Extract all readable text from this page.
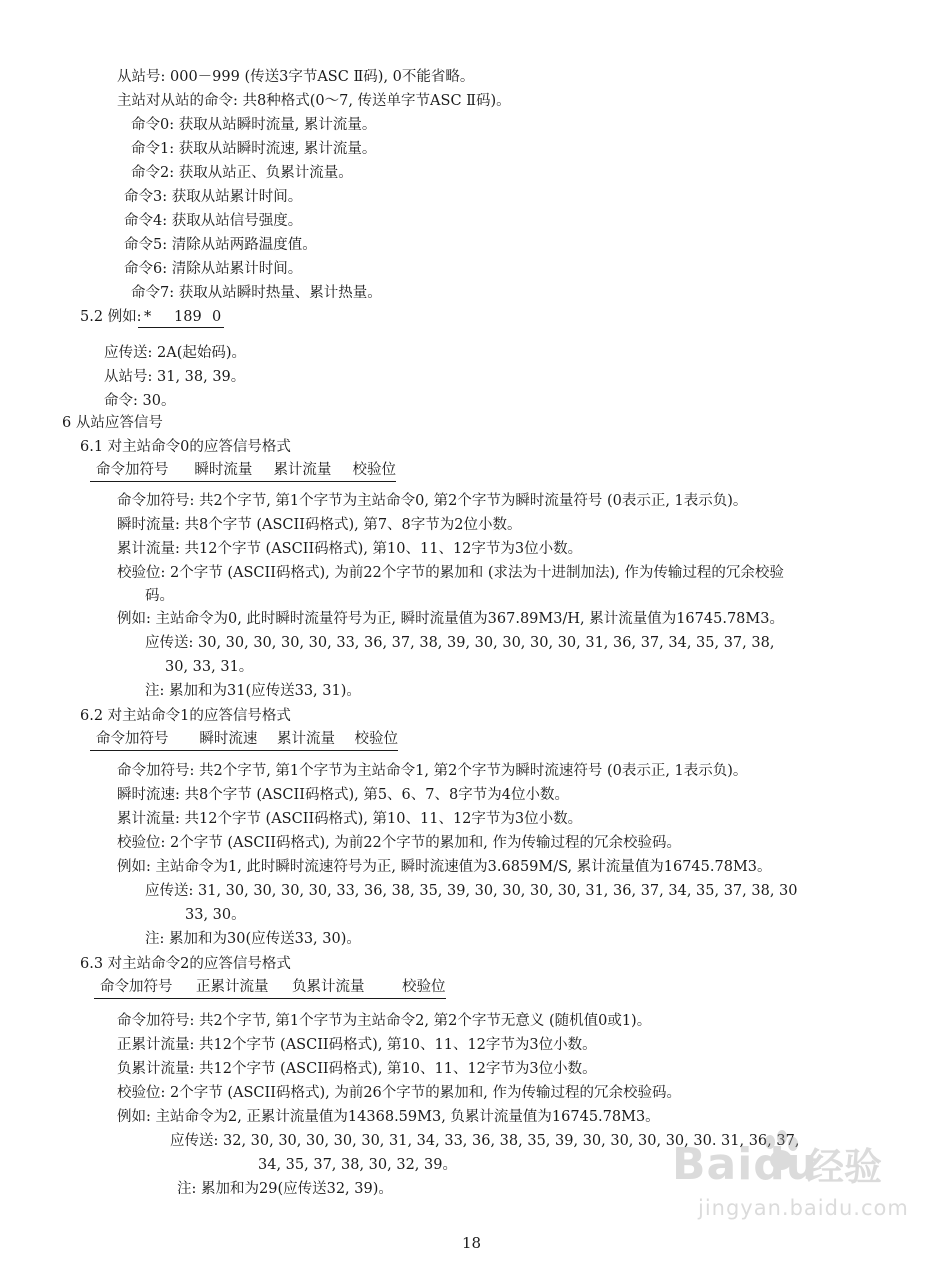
从站号: 000－999 (传送3字节ASC Ⅱ码), 0不能省略。
主站对从站的命令: 共8种格式(0～7, 传送单字节ASC Ⅱ码)。
命令0: 获取从站瞬时流量, 累计流量。
命令1: 获取从站瞬时流速, 累计流量。
命令2: 获取从站正、负累计流量。
命令3: 获取从站累计时间。
命令4: 获取从站信号强度。
命令5: 清除从站两路温度值。
命令6: 清除从站累计时间。
命令7: 获取从站瞬时热量、累计热量。
5.2 例如: * 189 0
应传送: 2A(起始码)。
从站号: 31, 38, 39。
命令: 30。
6 从站应答信号
6.1 对主站命令0的应答信号格式
命令加符号	瞬时流量	累计流量	校验位
命令加符号: 共2个字节, 第1个字节为主站命令0, 第2个字节为瞬时流量符号 (0表示正, 1表示负)。
瞬时流量: 共8个字节 (ASCII码格式), 第7、8字节为2位小数。
累计流量: 共12个字节 (ASCII码格式), 第10、11、12字节为3位小数。
校验位: 2个字节 (ASCII码格式), 为前22个字节的累加和 (求法为十进制加法), 作为传输过程的冗余校验
码。
例如: 主站命令为0, 此时瞬时流量符号为正, 瞬时流量值为367.89M3/H, 累计流量值为16745.78M3。
应传送: 30, 30, 30, 30, 30, 33, 36, 37, 38, 39, 30, 30, 30, 30, 31, 36, 37, 34, 35, 37, 38,
30, 33, 31。
注: 累加和为31(应传送33, 31)。
6.2 对主站命令1的应答信号格式
命令加符号	瞬时流速	累计流量	校验位
命令加符号: 共2个字节, 第1个字节为主站命令1, 第2个字节为瞬时流速符号 (0表示正, 1表示负)。
瞬时流速: 共8个字节 (ASCII码格式), 第5、6、7、8字节为4位小数。
累计流量: 共12个字节 (ASCII码格式), 第10、11、12字节为3位小数。
校验位: 2个字节 (ASCII码格式), 为前22个字节的累加和, 作为传输过程的冗余校验码。
例如: 主站命令为1, 此时瞬时流速符号为正, 瞬时流速值为3.6859M/S, 累计流量值为16745.78M3。
应传送: 31, 30, 30, 30, 30, 33, 36, 38, 35, 39, 30, 30, 30, 30, 31, 36, 37, 34, 35, 37, 38, 30
33, 30。
注: 累加和为30(应传送33, 30)。
6.3 对主站命令2的应答信号格式
命令加符号	正累计流量	负累计流量	校验位
命令加符号: 共2个字节, 第1个字节为主站命令2, 第2个字节无意义 (随机值0或1)。
正累计流量: 共12个字节 (ASCII码格式), 第10、11、12字节为3位小数。
负累计流量: 共12个字节 (ASCII码格式), 第10、11、12字节为3位小数。
校验位: 2个字节 (ASCII码格式), 为前26个字节的累加和, 作为传输过程的冗余校验码。
例如: 主站命令为2, 正累计流量值为14368.59M3, 负累计流量值为16745.78M3。
应传送: 32, 30, 30, 30, 30, 30, 31, 34, 33, 36, 38, 35, 39, 30, 30, 30, 30, 30. 31, 36, 37,
34, 35, 37, 38, 30, 32, 39。
注: 累加和为29(应传送32, 39)。	Baidu
经验
jingyan.baidu.com
18
